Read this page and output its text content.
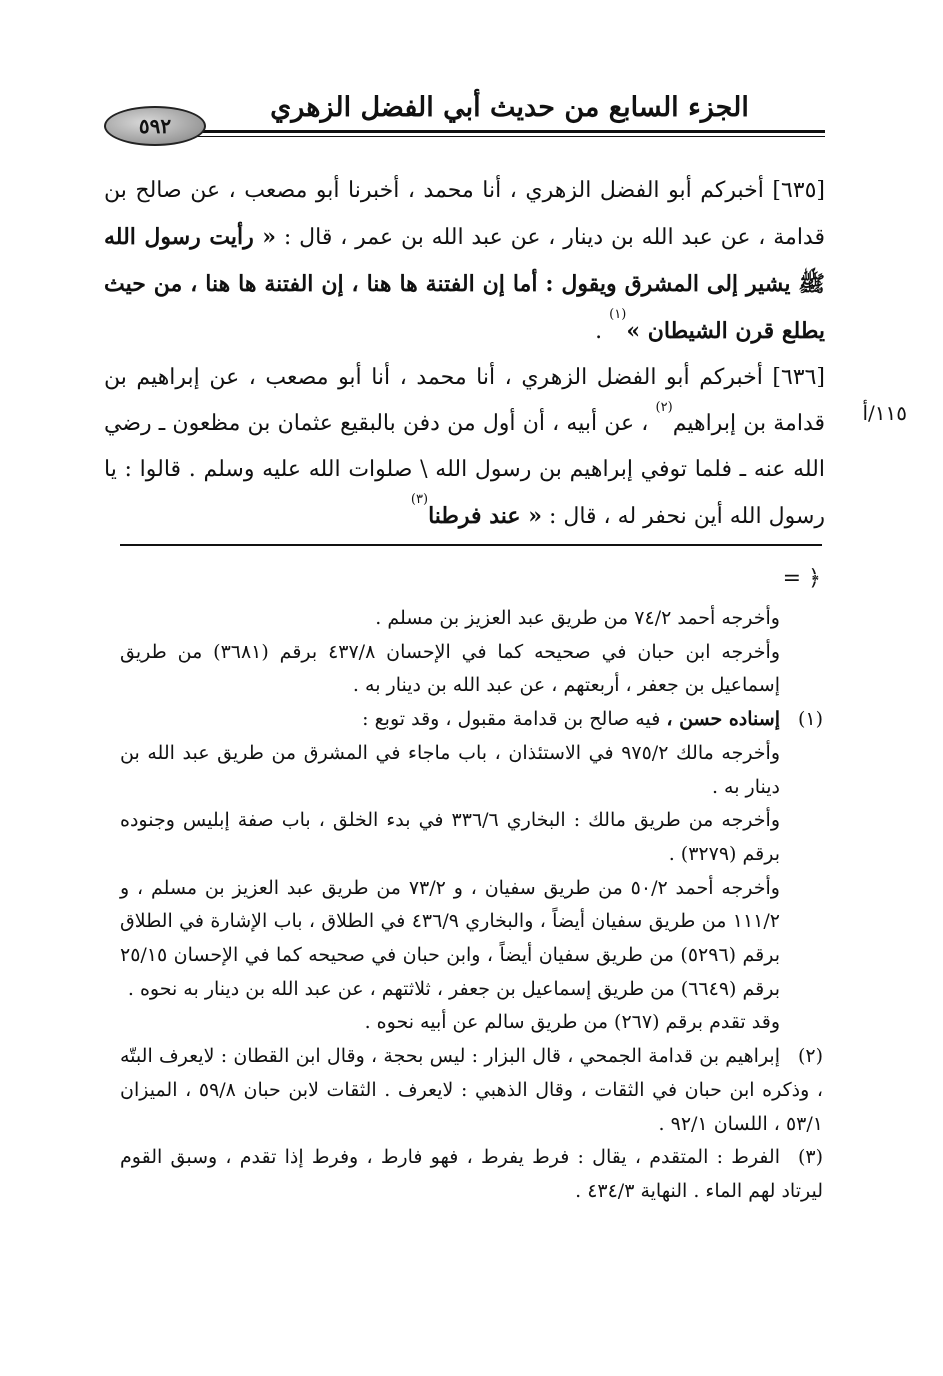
الجزء السابع من حديث أبي الفضل الزهري
٥٩٢
١١٥/أ

[٦٣٥] أخبركم أبو الفضل الزهري ، أنا محمد ، أخبرنا أبو مصعب ، عن صالح بن قدامة ، عن عبد الله بن دينار ، عن عبد الله بن عمر ، قال : « رأيت رسول الله ﷺ يشير إلى المشرق ويقول : أما إن الفتنة ها هنا ، إن الفتنة ها هنا ، من حيث يطلع قرن الشيطان »$^{(١)}$ .

[٦٣٦] أخبركم أبو الفضل الزهري ، أنا محمد ، أنا أبو مصعب ، عن إبراهيم بن قدامة بن إبراهيم$^{(٢)}$ ، عن أبيه ، أن أول من دفن بالبقيع عثمان بن مظعون ـ رضي الله عنه ـ فلما توفي إبراهيم بن رسول الله \ صلوات الله عليه وسلم . قالوا : يا رسول الله أين نحفر له ، قال : « عند فرطنا$^{(٣)}$

= ﴿

وأخرجه أحمد ٧٤/٢ من طريق عبد العزيز بن مسلم .

وأخرجه ابن حبان في صحيحه كما في الإحسان ٤٣٧/٨ برقم (٣٦٨١) من طريق إسماعيل بن جعفر ، أربعتهم ، عن عبد الله بن دينار به .

(١)إسناده حسن ، فيه صالح بن قدامة مقبول ، وقد توبع :

وأخرجه مالك ٩٧٥/٢ في الاستئذان ، باب ماجاء في المشرق من طريق عبد الله بن دينار به .

وأخرجه من طريق مالك : البخاري ٣٣٦/٦ في بدء الخلق ، باب صفة إبليس وجنوده برقم (٣٢٧٩) .

وأخرجه أحمد ٥٠/٢ من طريق سفيان ، و ٧٣/٢ من طريق عبد العزيز بن مسلم ، و ١١١/٢ من طريق سفيان أيضاً ، والبخاري ٤٣٦/٩ في الطلاق ، باب الإشارة في الطلاق برقم (٥٢٩٦) من طريق سفيان أيضاً ، وابن حبان في صحيحه كما في الإحسان ٢٥/١٥ برقم (٦٦٤٩) من طريق إسماعيل بن جعفر ، ثلاثتهم ، عن عبد الله بن دينار به نحوه .

وقد تقدم برقم (٢٦٧) من طريق سالم عن أبيه نحوه .

(٢)إبراهيم بن قدامة الجمحي ، قال البزار : ليس بحجة ، وقال ابن القطان : لايعرف البتّه ، وذكره ابن حبان في الثقات ، وقال الذهبي : لايعرف . الثقات لابن حبان ٥٩/٨ ، الميزان ٥٣/١ ، اللسان ٩٢/١ .

(٣)الفرط : المتقدم ، يقال : فرط يفرط ، فهو فارط ، وفرط إذا تقدم ، وسبق القوم ليرتاد لهم الماء . النهاية ٤٣٤/٣ .
